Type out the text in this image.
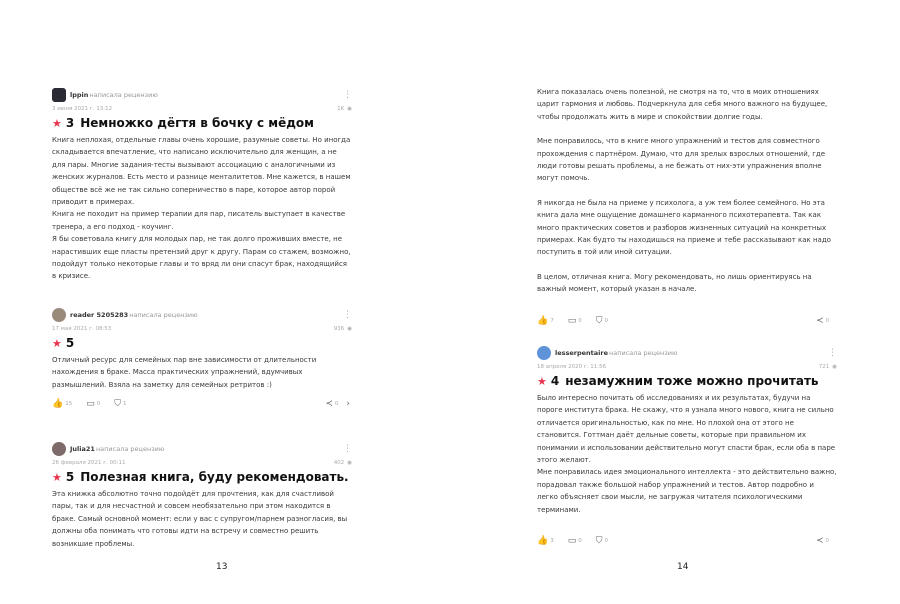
lppin написала рецензию	⋮
3 июня 2021 г. 13:12	1K ◉
★ 3 Немножко дёгтя в бочку с мёдом

Книга неплохая, отдельные главы очень хорошие, разумные советы. Но иногда складывается впечатление, что написано исключительно для женщин, а не для пары. Многие задания-тесты вызывают ассоциацию с аналогичными из женских журналов. Есть место и разнице менталитетов. Мне кажется, в нашем обществе всё же не так сильно соперничество в паре, которое автор порой приводит в примерах.

Книга не походит на пример терапии для пар, писатель выступает в качестве тренера, а его подход - коучинг.

Я бы советовала книгу для молодых пар, не так долго проживших вместе, не нарастивших еще пласты претензий друг к другу. Парам со стажем, возможно, подойдут только некоторые главы и то вряд ли они спасут брак, находящийся в кризисе.

reader 5205283 написала рецензию	⋮
17 мая 2021 г. 08:53	936 ◉
★ 5

Отличный ресурс для семейных пар вне зависимости от длительности нахождения в браке. Масса практических упражнений, вдумчивых размышлений. Взяла на заметку для семейных ретритов :)

👍 15 ▭ 0 ⛉ 1	≺ 0 ›
Julia21 написала рецензию	⋮
26 февраля 2021 г. 00:11	402 ◉
★ 5 Полезная книга, буду рекомендовать.

Эта книжка абсолютно точно подойдёт для прочтения, как для счастливой пары, так и для несчастной и совсем необязательно при этом находится в браке. Самый основной момент: если у вас с супругом/парнем разногласия, вы должны оба понимать что готовы идти на встречу и совместно решить возникшие проблемы.

13

Книга показалась очень полезной, не смотря на то, что в моих отношениях царит гармония и любовь. Подчеркнула для себя много важного на будущее, чтобы продолжать жить в мире и спокойствии долгие годы.

Мне понравилось, что в книге много упражнений и тестов для совместного прохождения с партнёром. Думаю, что для зрелых взрослых отношений, где люди готовы решать проблемы, а не бежать от них-эти упражнения вполне могут помочь.

Я никогда не была на приеме у психолога, а уж тем более семейного. Но эта книга дала мне ощущение домашнего карманного психотерапевта. Так как много практических советов и разборов жизненных ситуаций на конкретных примерах. Как будто ты находишься на приеме и тебе рассказывают как надо поступить в той или иной ситуации.

В целом, отличная книга. Могу рекомендовать, но лишь ориентируясь на важный момент, который указан в начале.

👍 7 ▭ 0 ⛉ 0	≺ 0
lesserpentaire написала рецензию	⋮
18 апреля 2020 г. 11:56	721 ◉
★ 4 незамужним тоже можно прочитать

Было интересно почитать об исследованиях и их результатах, будучи на пороге института брака. Не скажу, что я узнала много нового, книга не сильно отличается оригинальностью, как по мне. Но плохой она от этого не становится. Готтман даёт дельные советы, которые при правильном их понимании и использовании действительно могут спасти брак, если оба в паре этого желают.

Мне понравилась идея эмоционального интеллекта - это действительно важно, порадовал также большой набор упражнений и тестов. Автор подробно и легко объясняет свои мысли, не загружая читателя психологическими терминами.

👍 3 ▭ 0 ⛉ 0	≺ 0
14
